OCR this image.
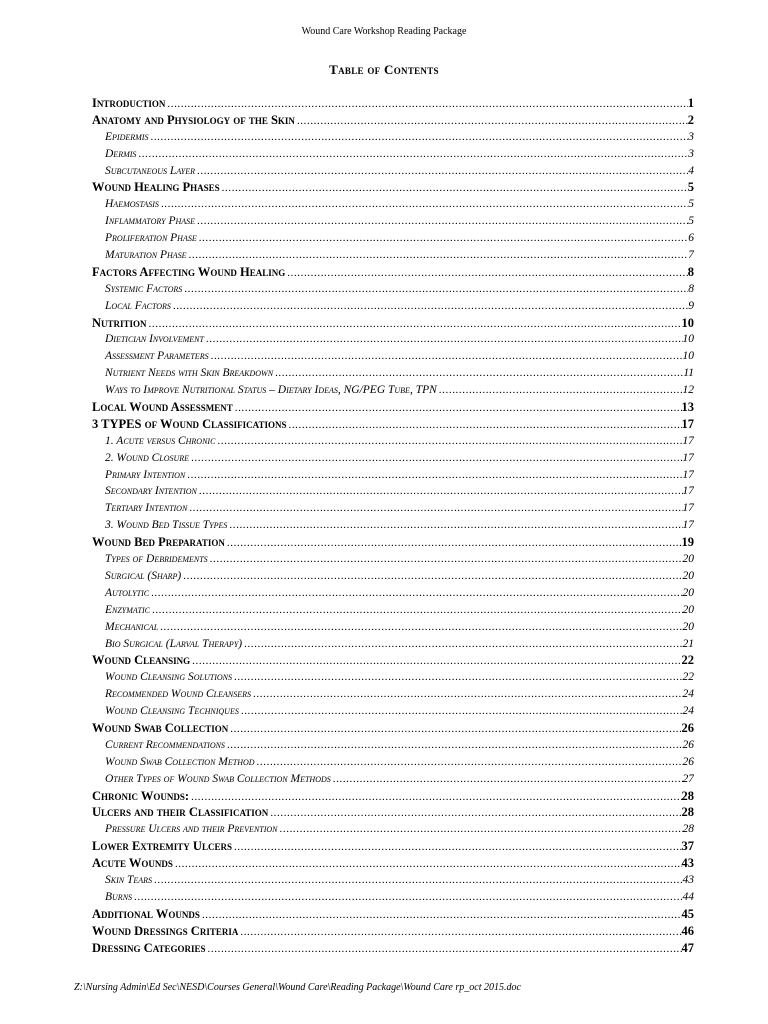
Wound Care Workshop Reading Package
Table of Contents
Introduction .....	1
Anatomy and Physiology of the Skin .....	2
Epidermis .....	3
Dermis .....	3
Subcutaneous Layer .....	4
Wound Healing Phases .....	5
Haemostasis .....	5
Inflammatory Phase .....	5
Proliferation Phase .....	6
Maturation Phase .....	7
Factors Affecting Wound Healing .....	8
Systemic Factors .....	8
Local Factors .....	9
Nutrition .....	10
Dietician Involvement .....	10
Assessment Parameters .....	10
Nutrient Needs with Skin Breakdown .....	11
Ways to Improve Nutritional Status – Dietary Ideas, NG/PEG Tube, TPN .....	12
Local Wound Assessment .....	13
3 TYPES of Wound Classifications .....	17
1. Acute versus Chronic .....	17
2. Wound Closure .....	17
Primary Intention .....	17
Secondary Intention .....	17
Tertiary Intention .....	17
3. Wound Bed Tissue Types .....	17
Wound Bed Preparation .....	19
Types of Debridements .....	20
Surgical (Sharp) .....	20
Autolytic .....	20
Enzymatic .....	20
Mechanical .....	20
Bio Surgical (Larval Therapy) .....	21
Wound Cleansing .....	22
Wound Cleansing Solutions .....	22
Recommended Wound Cleansers .....	24
Wound Cleansing Techniques .....	24
Wound Swab Collection .....	26
Current Recommendations .....	26
Wound Swab Collection Method .....	26
Other Types of Wound Swab Collection Methods .....	27
Chronic Wounds: .....	28
Ulcers and their Classification .....	28
Pressure Ulcers and their Prevention .....	28
Lower Extremity Ulcers .....	37
Acute Wounds .....	43
Skin Tears .....	43
Burns .....	44
Additional Wounds .....	45
Wound Dressings Criteria .....	46
Dressing Categories .....	47
Z:\Nursing Admin\Ed Sec\NESD\Courses General\Wound Care\Reading Package\Wound Care rp_oct 2015.doc
